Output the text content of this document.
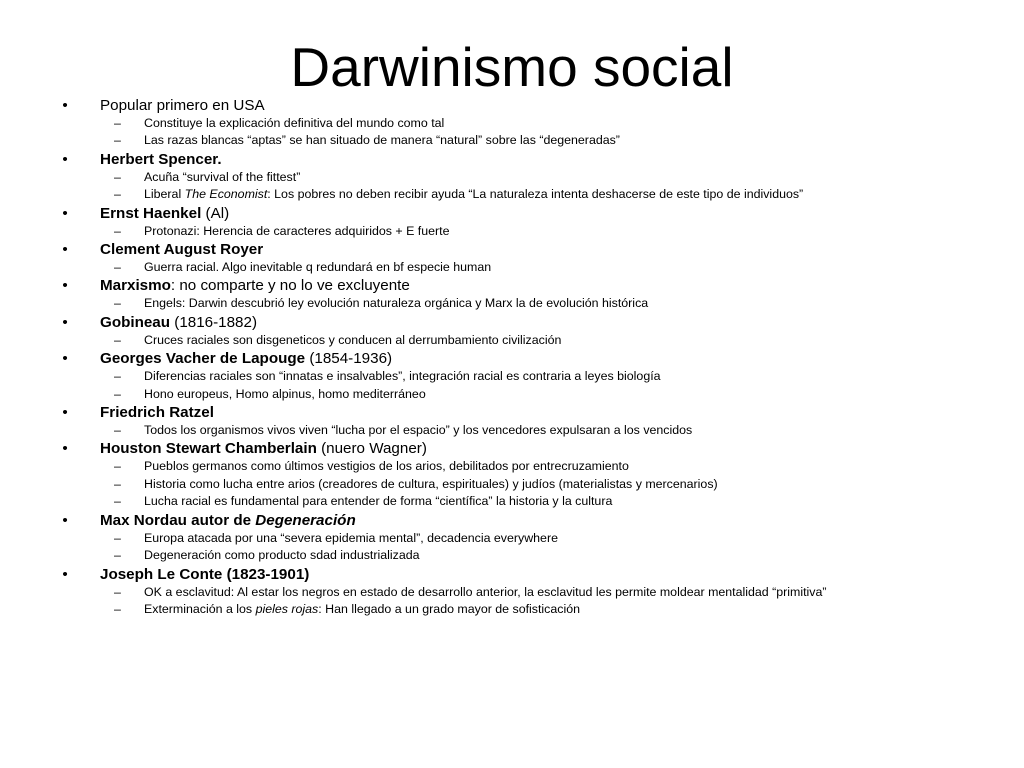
Darwinismo social
• Popular primero en USA
– Constituye la explicación definitiva del mundo como tal
– Las razas blancas “aptas” se han situado de manera “natural” sobre las “degeneradas”
• Herbert Spencer.
– Acuña “survival of the fittest”
– Liberal The Economist: Los pobres no deben recibir ayuda “La naturaleza intenta deshacerse de este tipo de individuos”
• Ernst Haenkel (Al)
– Protonazi: Herencia de caracteres adquiridos + E fuerte
• Clement August Royer
– Guerra racial. Algo inevitable q redundará en bf especie human
• Marxismo: no comparte y no lo ve excluyente
– Engels: Darwin descubrió ley evolución naturaleza orgánica y Marx la de evolución histórica
• Gobineau (1816-1882)
– Cruces raciales son disgeneticos y conducen al derrumbamiento civilización
• Georges Vacher de Lapouge (1854-1936)
– Diferencias raciales son “innatas e insalvables”, integración racial es contraria a leyes biología
– Hono europeus, Homo alpinus, homo mediterráneo
• Friedrich Ratzel
– Todos los organismos vivos viven “lucha por el espacio” y los vencedores expulsaran a los vencidos
• Houston Stewart Chamberlain (nuero Wagner)
– Pueblos germanos como últimos vestigios de los arios, debilitados por entrecruzamiento
– Historia como lucha entre arios (creadores de cultura, espirituales) y judíos (materialistas y mercenarios)
– Lucha racial es fundamental para entender de forma “científica” la historia y la cultura
• Max Nordau autor de Degeneración
– Europa atacada por una “severa epidemia mental”, decadencia everywhere
– Degeneración como producto sdad industrializada
• Joseph Le Conte (1823-1901)
– OK a esclavitud: Al estar los negros en estado de desarrollo anterior, la esclavitud les permite moldear mentalidad “primitiva”
– Exterminación a los pieles rojas: Han llegado a un grado mayor de sofisticación
